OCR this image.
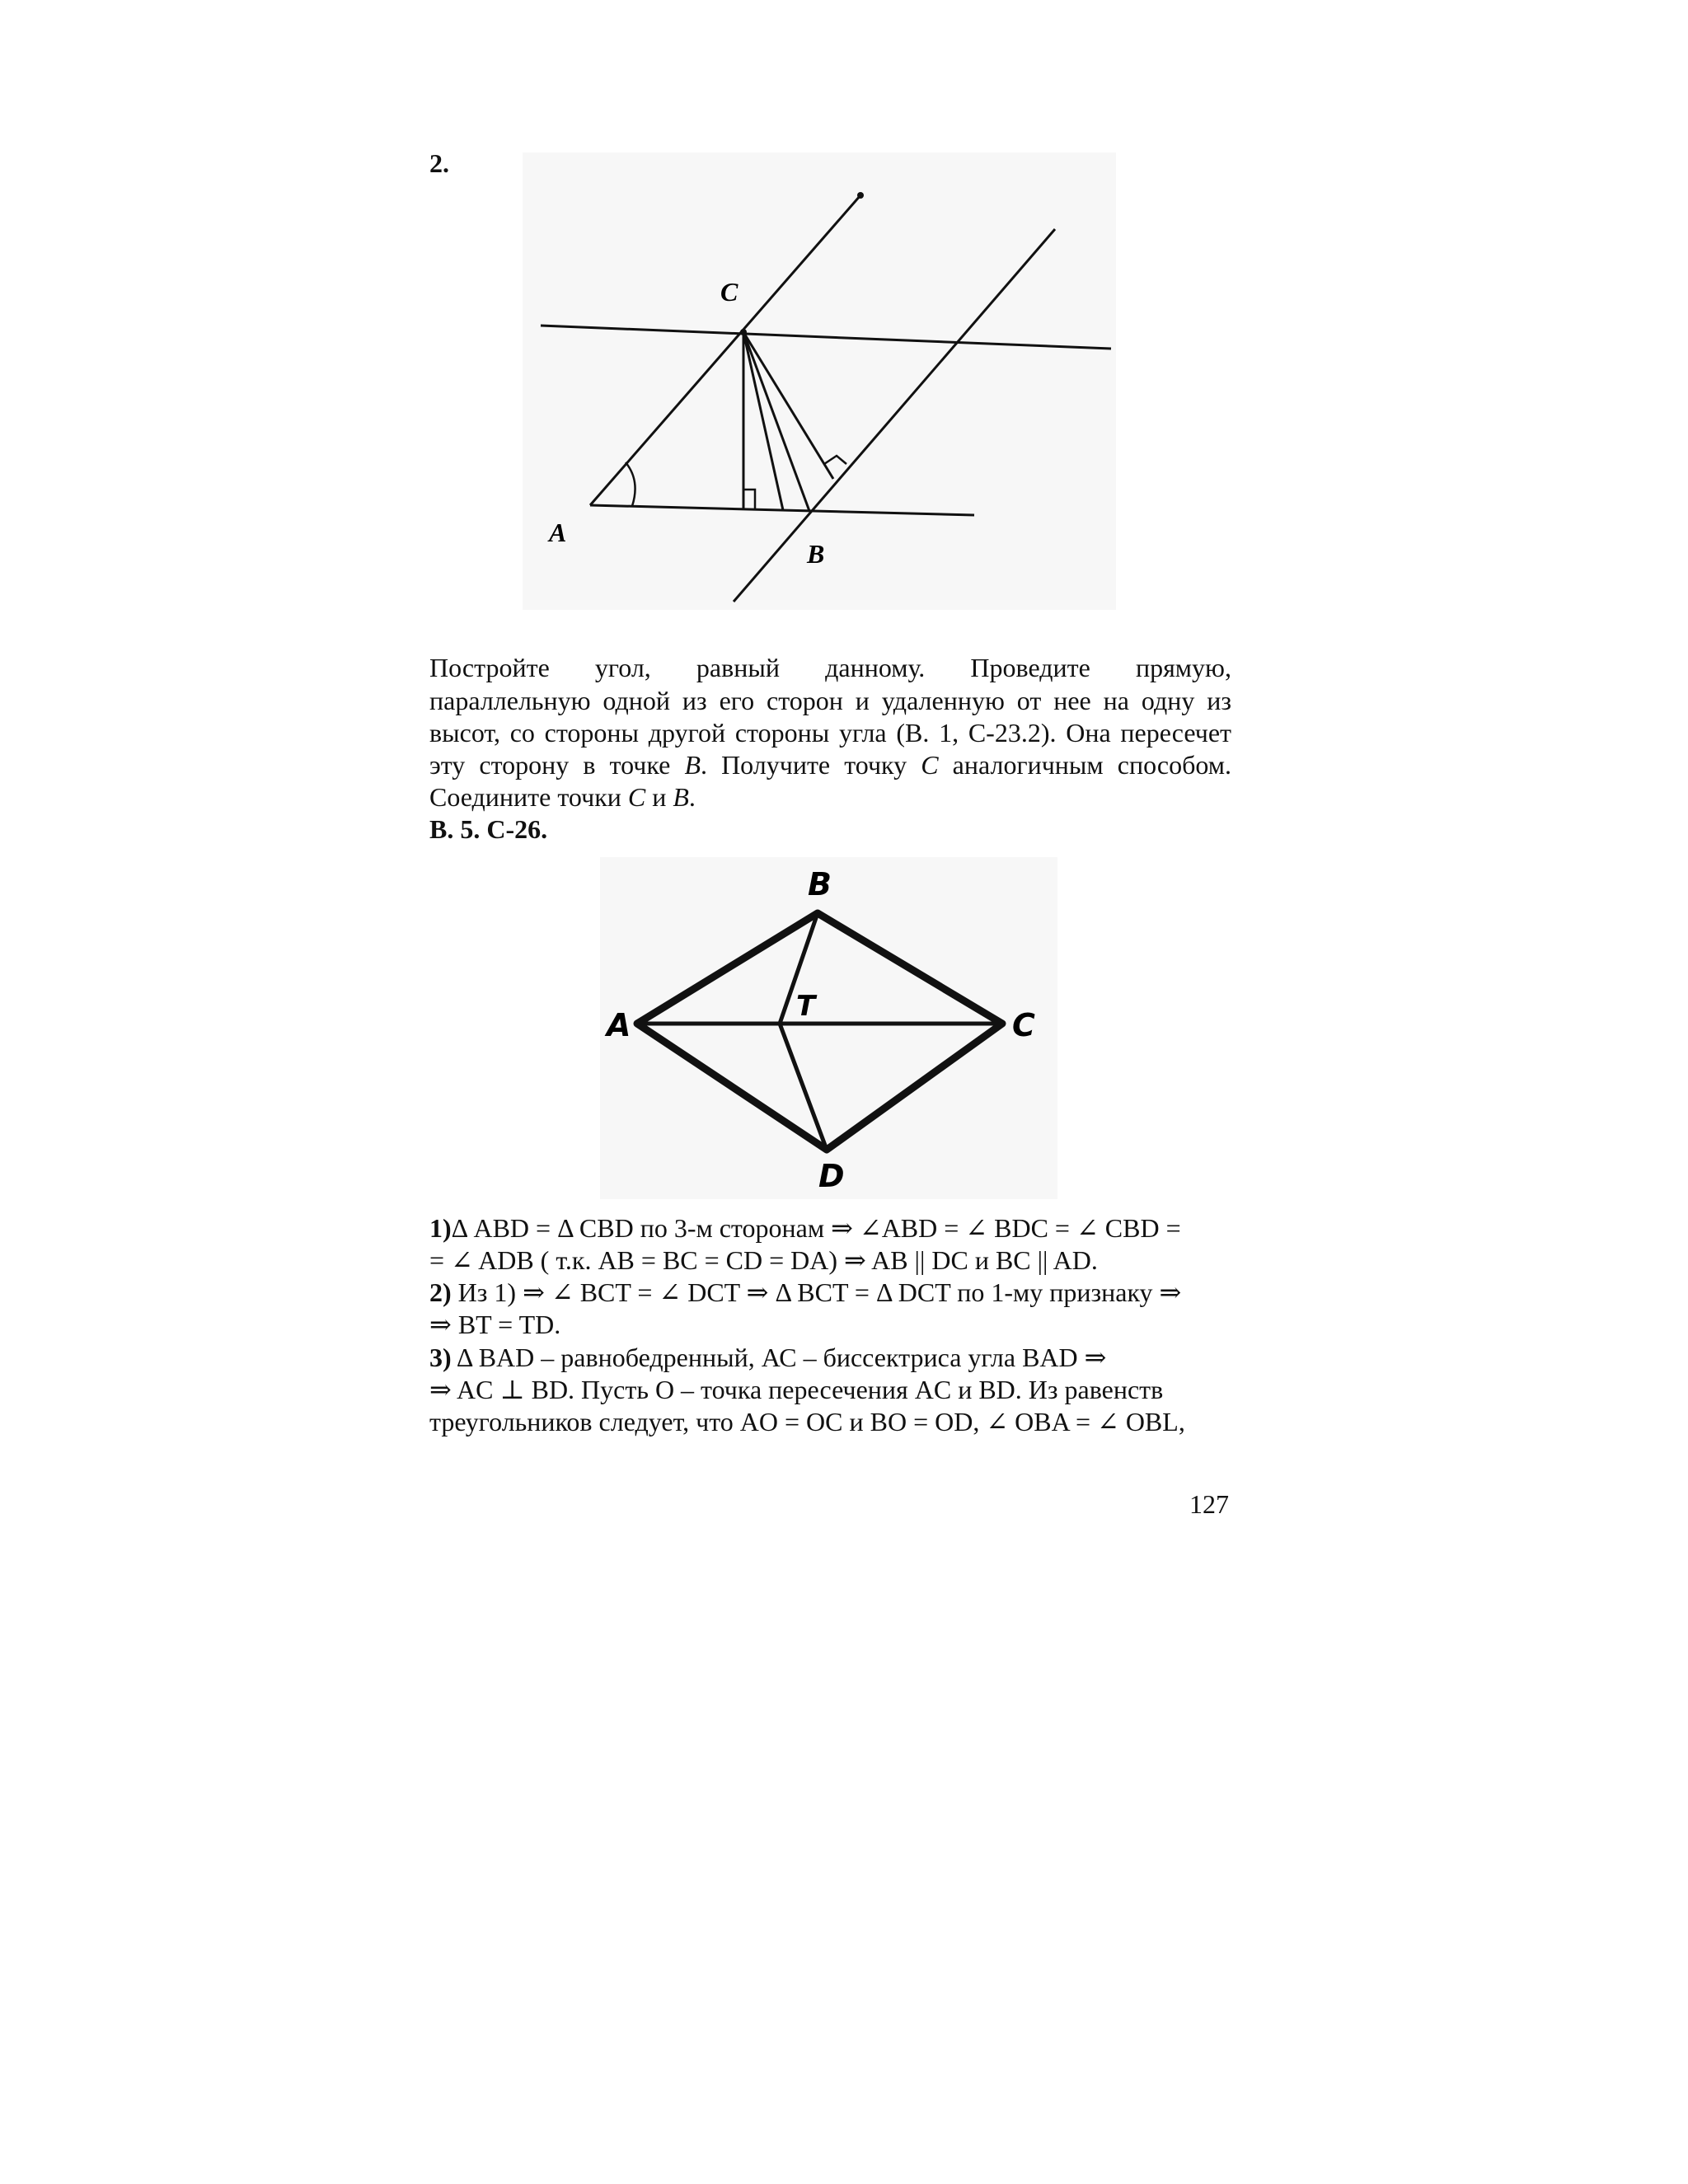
2.
C
A
B
Постройте угол, равный данному. Проведите прямую,
параллельную одной из его сторон и удаленную от нее на одну из
высот, со стороны другой стороны угла (В. 1, С-23.2). Она пересечет
эту сторону в точке B. Получите точку C аналогичным способом.
Соедините точки C и B.
В. 5. С-26.
B
A	C
D
T
1)Δ ABD = Δ CBD по 3-м сторонам ⇒ ∠ABD = ∠ BDC = ∠ CBD =
= ∠ ADB ( т.к. AB = BC = CD = DA) ⇒ AB || DC и BC || AD.
2) Из 1) ⇒ ∠ BCT = ∠ DCT ⇒ Δ BCT = Δ DCT по 1-му признаку ⇒
⇒ BT = TD.
3) Δ BAD – равнобедренный, АС – биссектриса угла BAD ⇒
⇒ AC ⊥ BD. Пусть O – точка пересечения AC и BD. Из равенств
треугольников следует, что AO = OC и BO = OD, ∠ OBA = ∠ OBL,
127
